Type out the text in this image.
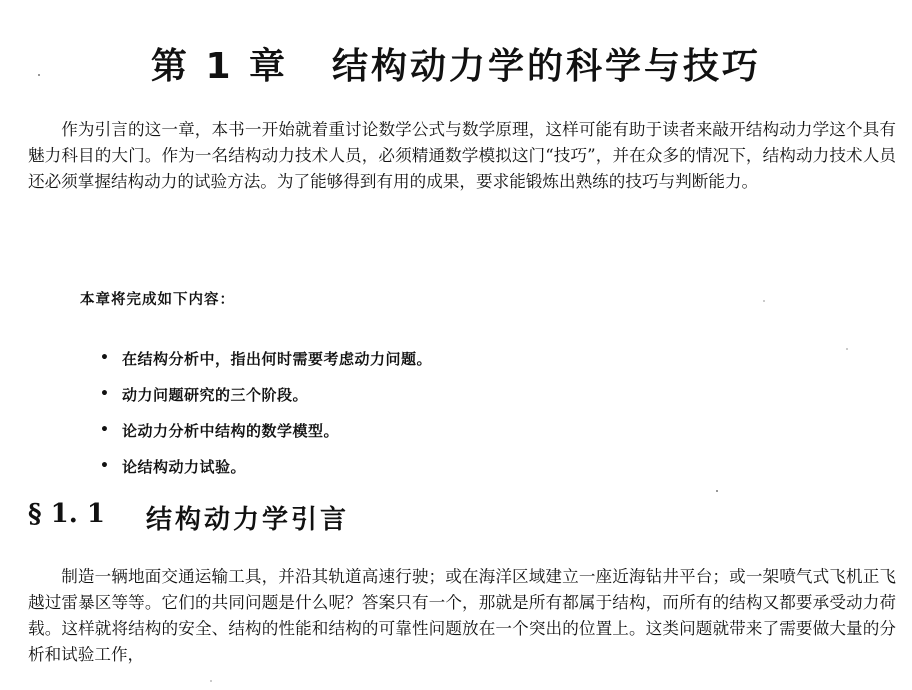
第 1 章 结构动力学的科学与技巧

作为引言的这一章，本书一开始就着重讨论数学公式与数学原理，这样可能有助于读者来敲开结构动力学这个具有魅力科目的大门。作为一名结构动力技术人员，必须精通数学模拟这门“技巧”，并在众多的情况下，结构动力技术人员还必须掌握结构动力的试验方法。为了能够得到有用的成果，要求能锻炼出熟练的技巧与判断能力。

本章将完成如下内容：

• 在结构分析中，指出何时需要考虑动力问题。
• 动力问题研究的三个阶段。
• 论动力分析中结构的数学模型。
• 论结构动力试验。
§ 1. 1	结构动力学引言

制造一辆地面交通运输工具，并沿其轨道高速行驶；或在海洋区域建立一座近海钻井平台；或一架喷气式飞机正飞越过雷暴区等等。它们的共同问题是什么呢？答案只有一个，那就是所有都属于结构，而所有的结构又都要承受动力荷载。这样就将结构的安全、结构的性能和结构的可靠性问题放在一个突出的位置上。这类问题就带来了需要做大量的分析和试验工作，
